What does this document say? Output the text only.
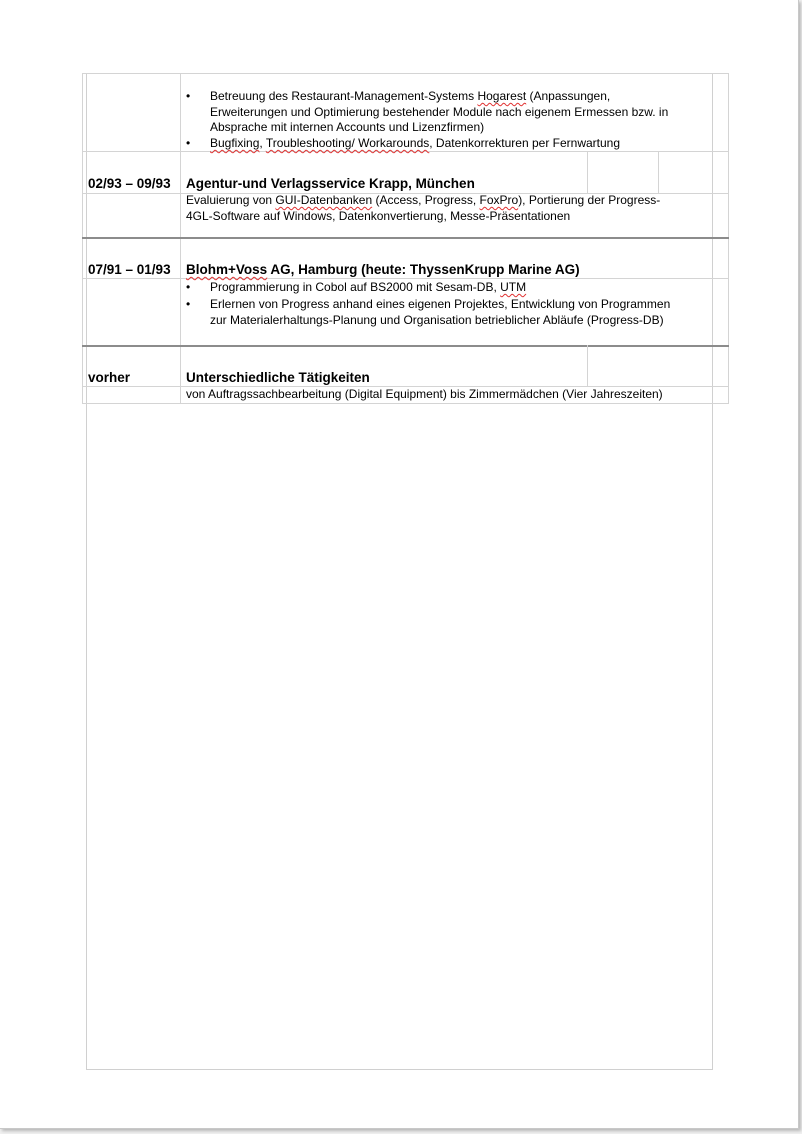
• Betreuung des Restaurant-Management-Systems Hogarest (Anpassungen,
Erweiterungen und Optimierung bestehender Module nach eigenem Ermessen bzw. in
Absprache mit internen Accounts und Lizenzfirmen)
• Bugfixing, Troubleshooting/ Workarounds, Datenkorrekturen per Fernwartung
02/93 – 09/93 Agentur-und Verlagsservice Krapp, München
Evaluierung von GUI-Datenbanken (Access, Progress, FoxPro), Portierung der Progress-
4GL-Software auf Windows, Datenkonvertierung, Messe-Präsentationen
07/91 – 01/93 Blohm+Voss AG, Hamburg (heute: ThyssenKrupp Marine AG)
• Programmierung in Cobol auf BS2000 mit Sesam-DB, UTM
• Erlernen von Progress anhand eines eigenen Projektes, Entwicklung von Programmen
zur Materialerhaltungs-Planung und Organisation betrieblicher Abläufe (Progress-DB)
vorher	Unterschiedliche Tätigkeiten
von Auftragssachbearbeitung (Digital Equipment) bis Zimmermädchen (Vier Jahreszeiten)
